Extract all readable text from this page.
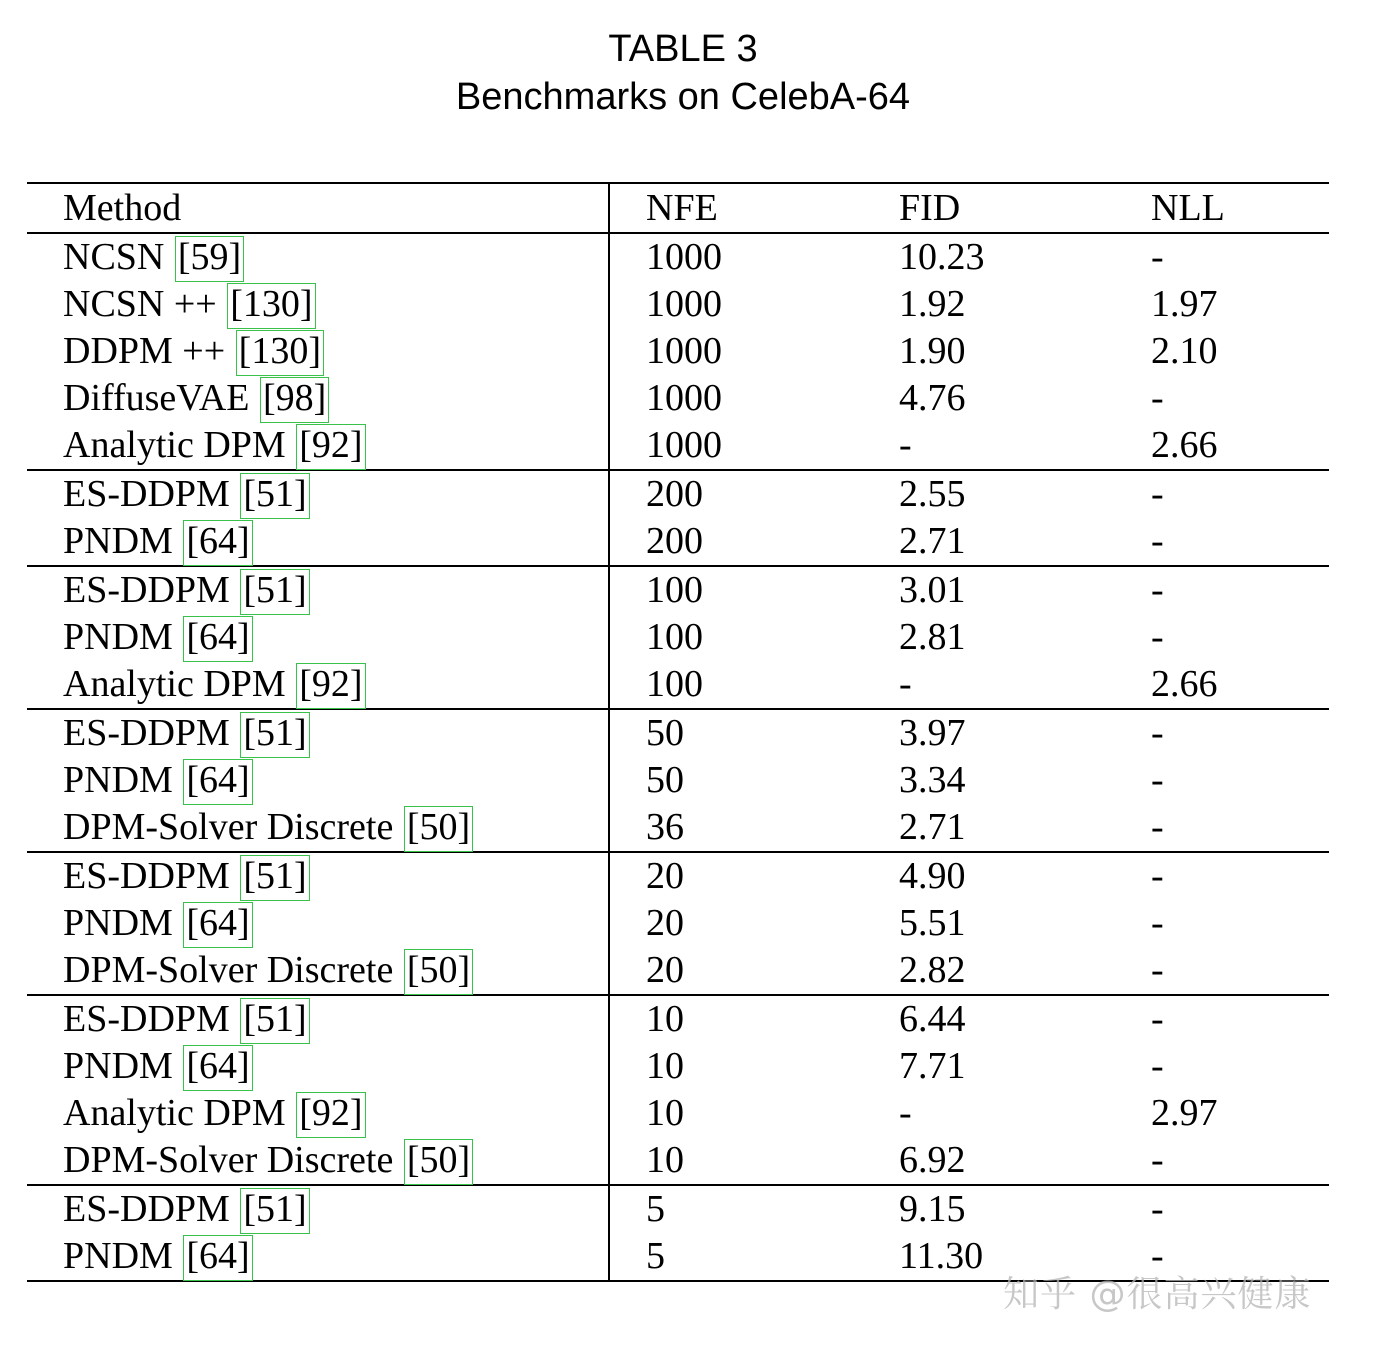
TABLE 3
Benchmarks on CelebA-64
Method	NFE	FID	NLL
NCSN [59]	1000	10.23	-
NCSN ++ [130]	1000	1.92	1.97
DDPM ++ [130]	1000	1.90	2.10
DiffuseVAE [98]	1000	4.76	-
Analytic DPM [92]	1000	-	2.66
ES-DDPM [51]	200	2.55	-
PNDM [64]	200	2.71	-
ES-DDPM [51]	100	3.01	-
PNDM [64]	100	2.81	-
Analytic DPM [92]	100	-	2.66
ES-DDPM [51]	50	3.97	-
PNDM [64]	50	3.34	-
DPM-Solver Discrete [50]	36	2.71	-
ES-DDPM [51]	20	4.90	-
PNDM [64]	20	5.51	-
DPM-Solver Discrete [50]	20	2.82	-
ES-DDPM [51]	10	6.44	-
PNDM [64]	10	7.71	-
Analytic DPM [92]	10	-	2.97
DPM-Solver Discrete [50]	10	6.92	-
ES-DDPM [51]	5	9.15	-
PNDM [64]	5	11.30	-
知乎 @很高兴健康
